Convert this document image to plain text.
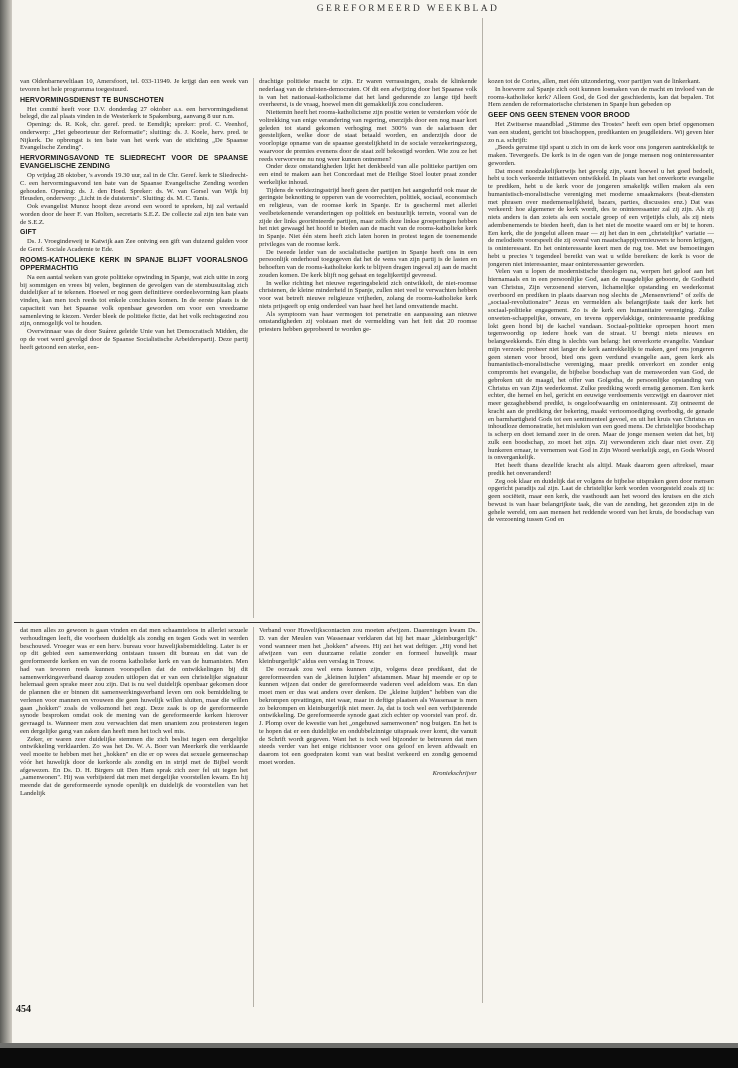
GEREFORMEERD WEEKBLAD

van Oldenbarneveltlaan 10, Amersfoort, tel. 033-11949. Je krijgt dan een week van tevoren het hele programma toegestuurd.

HERVORMINGSDIENST TE BUNSCHOTEN

Het comité heeft voor D.V. donderdag 27 oktober a.s. een hervormingsdienst belegd, die zal plaats vinden in de Westerkerk te Spakenburg, aanvang 8 uur n.m.

Opening: ds. R. Kok, chr. geref. pred. te Eemdijk; spreker: prof. C. Veenhof, onderwerp: „Het gebeorteuur der Reformatie"; sluiting: ds. J. Koele, herv. pred. te Nijkerk. De opbrengst is ten bate van het werk van de stichting „De Spaanse Evangelische Zending".

HERVORMINGSAVOND TE SLIEDRECHT VOOR DE SPAANSE EVANGELISCHE ZENDING

Op vrijdag 28 oktober, 's avonds 19.30 uur, zal in de Chr. Geref. kerk te Sliedrecht-C. een hervormingsavond ten bate van de Spaanse Evangelische Zending worden gehouden. Opening: ds. J. den Hoed. Spreker: ds. W. van Gorsel van Wijk bij Heusden, onderwerp: „Licht in de duisternis". Sluiting: ds. M. C. Tanis.

Ook evangelist Munoz hoopt deze avond een woord te spreken, hij zal vertaald worden door de heer F. van Holten, secretaris S.E.Z. De collecte zal zijn ten bate van de S.E.Z.

GIFT

Ds. J. Vroegindeweij te Katwijk aan Zee ontving een gift van duizend gulden voor de Geref. Sociale Academie te Ede.

ROOMS-KATHOLIEKE KERK IN SPANJE BLIJFT VOORALSNOG OPPERMACHTIG

Na een aantal weken van grote politieke opwinding in Spanje, wat zich uitte in zorg bij sommigen en vrees bij velen, beginnen de gevolgen van de stembusuitslag zich duidelijker af te tekenen. Hoewel er nog geen definitieve oordeelsvorming kan plaats vinden, kan men toch reeds tot enkele conclusies komen. In de eerste plaats is de capaciteit van het Spaanse volk openbaar geworden om voor een vreedzame samenleving te kiezen. Verder bleek de politieke fictie, dat het volk rechtsgezind zou zijn, onmogelijk vol te houden.

Overwinnaar was de door Suárez geleide Unie van het Democratisch Midden, die op de voet werd gevolgd door de Spaanse Socialistische Arbeiderspartij. Deze partij heeft getoond een sterke, een-

drachtige politieke macht te zijn. Er waren verrassingen, zoals de klinkende nederlaag van de christen-democraten. Of dit een afwijzing door het Spaanse volk is van het nationaal-katholicisme dat het land gedurende zo lange tijd heeft overheerst, is de vraag, hoewel men dit gemakkelijk zou concluderen.

Niettemin heeft het rooms-katholicisme zijn positie weten te versterken vóór de voltrekking van enige verandering van regering, enerzijds door een nog maar kort geleden tot stand gekomen verhoging met 300% van de salarissen der geestelijken, welke door de staat betaald worden, en anderzijds door de voorlopige opname van de spaanse geestelijkheid in de sociale verzekeringszorg, waarvoor de premies evenens door de staat zelf bekostigd worden. Wie zou ze het reeds verworvene nu nog weer kunnen ontnemen?

Onder deze omstandigheden lijkt het denkbeeld van alle politieke partijen om een eind te maken aan het Concordaat met de Heilige Stoel louter praat zonder werkelijke inhoud.

Tijdens de verkiezingsstrijd heeft geen der partijen het aangedurfd ook maar de geringste beknotting te opperen van de voorrechten, politiek, sociaal, economisch en religieus, van de roomse kerk in Spanje. Er is gescherml met allerlei veelbetekenende veranderingen op politiek en bestuurlijk terrein, vooral van de zijde der links georiënteerde partijen, maar zelfs deze linkse groeperingen hebben het niet gewaagd het hoofd te bieden aan de macht van de rooms-katholieke kerk in Spanje. Niet één stem heeft zich laten horen in protest tegen de toenemende privileges van de roomse kerk.

De tweede leider van de socialistische partijen in Spanje heeft ons in een persoonlijk onderhoud toegegeven dat het de wens van zijn partij is de lasten en behoeften van de rooms-katholieke kerk te blijven dragen ingeval zij aan de macht zouden komen. De kerk blijft nog gehaat en tegelijkertijd gevreesd.

In welke richting het nieuwe regeringsbeleid zich ontwikkelt, de niet-roomse christenen, de kleine minderheid in Spanje, zullen niet veel te verwachten hebben voor wat betreft nieuwe religieuze vrijheden, zolang de rooms-katholieke kerk niets prijsgeeft op enig onderdeel van haar heel het land omvattende macht.

Als symptoom van haar vermogen tot penetratie en aanpassing aan nieuwe omstandigheden zij volstaan met de vermelding van het feit dat 20 roomse priesters hebben geprobeerd te worden ge-

kozen tot de Cortes, allen, met één uitzondering, voor partijen van de linkerkant.

In hoeverre zal Spanje zich ooit kunnen losmaken van de macht en invloed van de rooms-katholieke kerk? Alleen God, de God der geschiedenis, kan dat bepalen. Tot Hem zenden de reformatorische christenen in Spanje hun gebeden op

GEEF ONS GEEN STENEN VOOR BROOD

Het Zwitserse maandblad „Stimme des Trostes" heeft een open brief opgenomen van een student, gericht tot bisschoppen, predikanten en jeugdleiders. Wij geven hier zo n.a. schrijft:

„Beeds geruime tijd spant u zich in om de kerk voor ons jongeren aantrekkelijk te maken. Tevergeefs. De kerk is in de ogen van de jonge mensen nog oninteressanter geworden.

Dat moest noodzakelijkerwijs het gevolg zijn, want hoewel u het goed bedoelt, hebt u toch verkeerde initiatieven ontwikkeld. In plaats van het onverkorte evangelie te prediken, hebt u de kerk voor de jongeren smakelijk willen maken als een humanistisch-moralistische vereniging met moderne smaakmakers (beat-diensten met phrasen over medemenselijkheid, bazars, parties, discussies enz.) Dat was verkeerd: hoe algemener de kerk wordt, des te oninteressanter zal zij zijn. Als zij niets anders is dan zoiets als een sociale groep of een vrijetijds club, als zij niets adembenemends te bieden heeft, dan is het niet de moeite waard om er bij te horen. Een kerk, die de jongelui alleen maar — zij het dan in een „christelijke" variatie — de melodieën voorspeelt die zij overal van maatschappijvernieuwers te horen krijgen, is oninteressant. En het oninteressante keert men de rug toe. Met uw bemoeiingen hebt u precies 't tegendeel bereikt van wat u wilde bereiken: de kerk is voor de jongeren niet interessanter, maar oninteressanter geworden.

Velen van u lopen de modernistische theologen na, werpen het geloof aan het hiernamaals en in een persoonlijke God, aan de maagdelijke geboorte, de Godheid van Christus, Zijn verzoenend sterven, lichamelijke opstanding en wederkomst overboord en prediken in plaats daarvan nog slechts de „Mensenvriend" of zelfs de „sociaal-revolutionaire" Jezus en vermelden als belangrijkste taak der kerk het sociaal-politieke engagement. Zo is de kerk een humanitaire vereniging. Zulke onweten-schappelijke, onware, en tevens oppervlakkige, oninteressante prediking lokt geen hond bij de kachel vandaan. Sociaal-politieke oproepen hoort men tegenwoordig op iedere hoek van de straat. U brengt niets nieuws en belangwekkends. Eén ding is slechts van belang: het onverkorte evangelie. Vandaar mijn verzoek: probeer niet langer de kerk aantrekkelijk te maken, geef ons jongeren geen stenen voor brood, bied ons geen verdund evangelie aan, geen kerk als humanistisch-moralistische vereniging, maar predik onverkort en zonder enig compromis het evangelie, de bijbelse boodschap van de mensworden van God, de gebroken uit de maagd, het offer van Golgotha, de persoonlijke opstanding van Christus en van Zijn wederkomst. Zulke prediking wordt ernstig genomen. Een kerk echter, die hemel en hel, gericht en eeuwige verdoemenis verzwijgt en daarover niet meer gezaghebbend predikt, is ongeloofwaardig en oninteressant. Zij ontneemt de kracht aan de prediking der bekering, maakt vertoomoediging overbodig, de genade en barmhartigheid Gods tot een sentimenteel gevoel, en uit het kruis van Christus en inhoudloze demonstratie, het misluken van een goed mens. De christelijke boodschap is scherp en doet iemand zeer in de oren. Maar de jonge mensen weten dat het, bij zulk een boodschap, zo moet het zijn. Zij verwonderen zich daar niet over. Zij hunkeren ernaar, te vernemen wat God in Zijn Woord werkelijk zegt, en Gods Woord is onvergankelijk.

Het heeft thans dezelfde kracht als altijd. Maak daarom geen aftreksel, maar predik het onveranderd!

Zeg ook klaar en duidelijk dat er volgens de bijbelse uitspraken geen door mensen opgericht paradijs zal zijn. Laat de christelijke kerk worden voorgesteld zoals zij is: geen sociëteit, maar een kerk, die vasthoudt aan het woord des kruises en die zich bewust is van haar belangrijkste taak, die van de zending, het gezonden zijn in de gehele wereld, om aan mensen het reddende woord van het kruis, de boodschap van de verzoening tussen God en

dat men alles zo gewoon is gaan vinden en dat men schaamteloos in allerlei sexuele verhoudingen leeft, die voorheen duidelijk als zondig en tegen Gods wet in werden beschouwd. Vroeger was er een herv. bureau voor huwelijksbemiddeling. Later is er op dit gebied een samenwerking ontstaan tussen dit bureau en dat van de gereformeerde kerken en van de rooms katholieke kerk en van de humanisten. Men had van tevoren reeds kunnen voorspellen dat de ontwikkelingen bij dit samenwerkingsverband daarop zouden uitlopen dat er van een christelijke signatuur helemaal geen sprake meer zou zijn. Dat is nu wel duidelijk openbaar gekomen door de plannen die er binnen dit samenwerkingsverband leven om ook bemiddeling te verlenen voor mannen en vrouwen die geen huwelijk willen sluiten, maar die willen gaan „hokken" zoals de volksmond het zegt. Deze zaak is op de gereformeerde synode besproken omdat ook de mening van de gereformeerde kerken hierover gevraagd is. Wanneer men zou verwachten dat men unaniem zou protesteren tegen een dergelijke gang van zaken dan heeft men het toch wel mis.

Zeker, er waren zeer duidelijke stemmen die zich beslist tegen een dergelijke ontwikkeling verklaarden. Zo was het Ds. W. A. Boer van Meerkerk die verklaarde veel moeite te hebben met het „hokken" en die er op wees dat sexuele gemeenschap vóór het huwelijk door de kerkorde als zondig en in strijd met de Bijbel wordt afgewezen. En Ds. D. H. Birgers uit Den Ham sprak zich zeer fel uit tegen het „samenwonen". Hij was verbijsterd dat men met dergelijke voorstellen kwam. En hij meende dat de gereformeerde synode openlijk en duidelijk de voorstellen van het Landelijk

Verband voor Huwelijkscontacten zou moeten afwijzen. Daarentegen kwam Ds. D. van der Meulen van Wassenaar verklaren dat hij het maar „kleinburgerlijk" vond wanneer men het „hokken" afwees. Hij zei het wat deftiger. „Hij vond het afwijzen van een duurzame relatie zonder en formeel huwelijk maar kleinburgerlijk" aldus een verslag in Trouw.

De oorzaak zou wel eens kunnen zijn, volgens deze predikant, dat de gereformeerden van de „kleinen luijden" afstammen. Maar hij meende er op te kunnen wijzen dat onder de gereformeerde vaderen veel adeldom was. En dan moet men er dus wat anders over denken. De „kleine luijden" hebben van die bekrompen opvattingen, niet waar, maar in deftige plaatsen als Wassenaar is men zo bekrompen en kleinburgerlijk niet meer. Ja, dat is toch wel een verbijsterende ontwikkeling. De gereformeerde synode gaat zich echter op voorstel van prof. dr. J. Plomp over de kwestie van het „ongehuwd samenwonen" nog buigen. En het is te hopen dat er een duidelijke en ondubbelzinnige uitspraak over komt, die vanuit de Schrift wordt gegeven. Want het is toch wel bijzonder te betreuren dat men steeds verder van het enige richtsnoer voor ons geloof en leven afdwaalt en daarom tot een goedpraten komt van wat beslist verkeerd en zondig genoemd moet worden.

Kroniekschrijver

454
